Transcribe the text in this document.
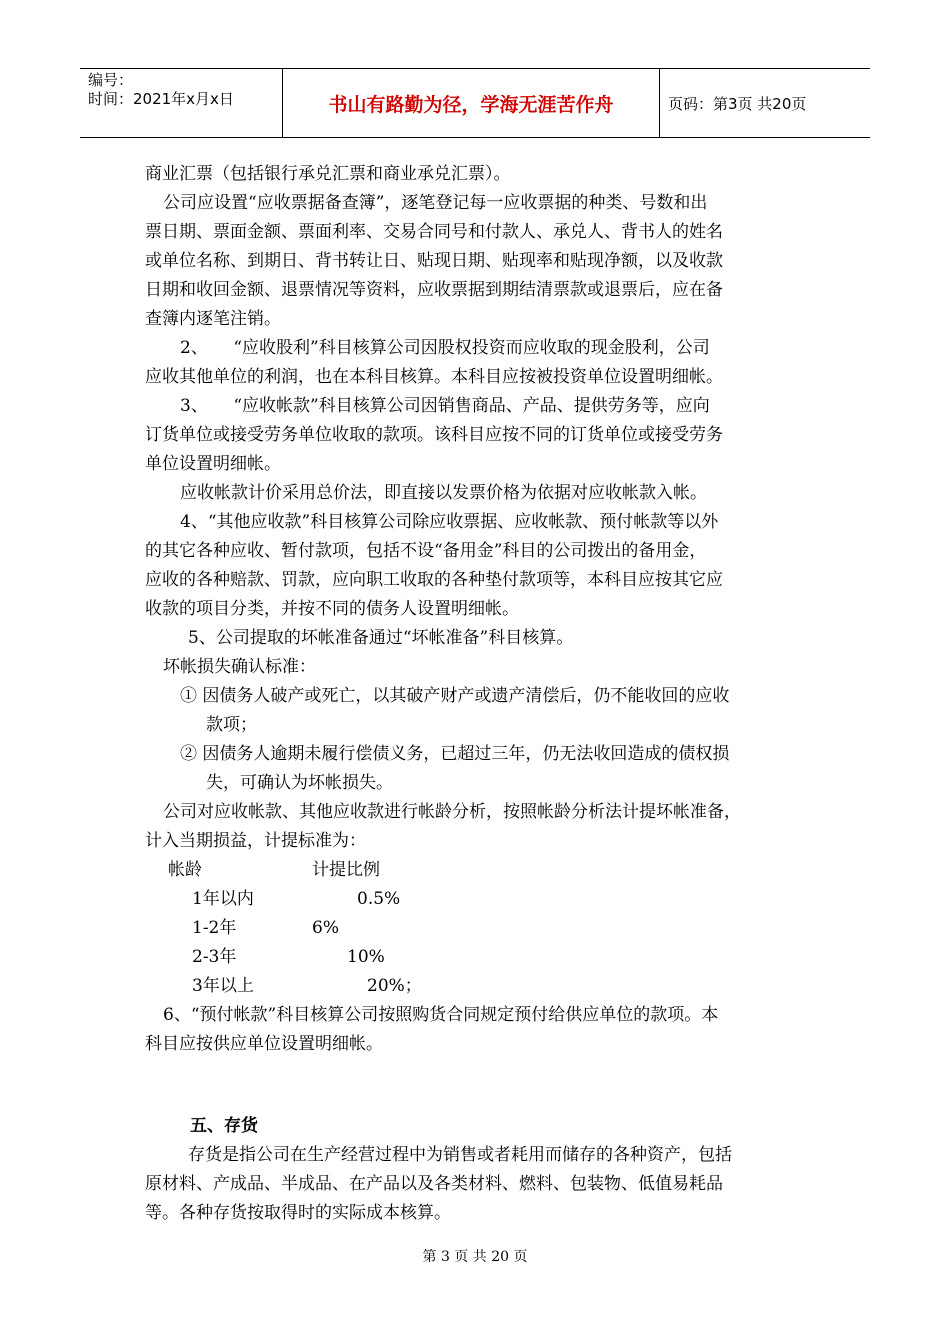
编号：
时间：2021年x月x日	书山有路勤为径，学海无涯苦作舟	页码：第3页 共20页
商业汇票（包括银行承兑汇票和商业承兑汇票）。
公司应设置“应收票据备查簿”，逐笔登记每一应收票据的种类、号数和出
票日期、票面金额、票面利率、交易合同号和付款人、承兑人、背书人的姓名
或单位名称、到期日、背书转让日、贴现日期、贴现率和贴现净额，以及收款
日期和收回金额、退票情况等资料，应收票据到期结清票款或退票后，应在备
查簿内逐笔注销。
2、　　“应收股利”科目核算公司因股权投资而应收取的现金股利，公司
应收其他单位的利润，也在本科目核算。本科目应按被投资单位设置明细帐。
3、　　“应收帐款”科目核算公司因销售商品、产品、提供劳务等，应向
订货单位或接受劳务单位收取的款项。该科目应按不同的订货单位或接受劳务
单位设置明细帐。
应收帐款计价采用总价法，即直接以发票价格为依据对应收帐款入帐。
4、“其他应收款”科目核算公司除应收票据、应收帐款、预付帐款等以外
的其它各种应收、暂付款项，包括不设“备用金”科目的公司拨出的备用金，
应收的各种赔款、罚款，应向职工收取的各种垫付款项等，本科目应按其它应
收款的项目分类，并按不同的债务人设置明细帐。
5、公司提取的坏帐准备通过“坏帐准备”科目核算。
坏帐损失确认标准：
① 因债务人破产或死亡，以其破产财产或遗产清偿后，仍不能收回的应收
款项；
② 因债务人逾期未履行偿债义务，已超过三年，仍无法收回造成的债权损
失，可确认为坏帐损失。
公司对应收帐款、其他应收款进行帐龄分析，按照帐龄分析法计提坏帐准备，
计入当期损益，计提标准为：
帐龄	计提比例
1年以内	0.5%
1-2年	6%
2-3年	10%
3年以上	20%；
6、“预付帐款”科目核算公司按照购货合同规定预付给供应单位的款项。本
科目应按供应单位设置明细帐。
五、存货
存货是指公司在生产经营过程中为销售或者耗用而储存的各种资产，包括
原材料、产成品、半成品、在产品以及各类材料、燃料、包装物、低值易耗品
等。各种存货按取得时的实际成本核算。
第 3 页 共 20 页
